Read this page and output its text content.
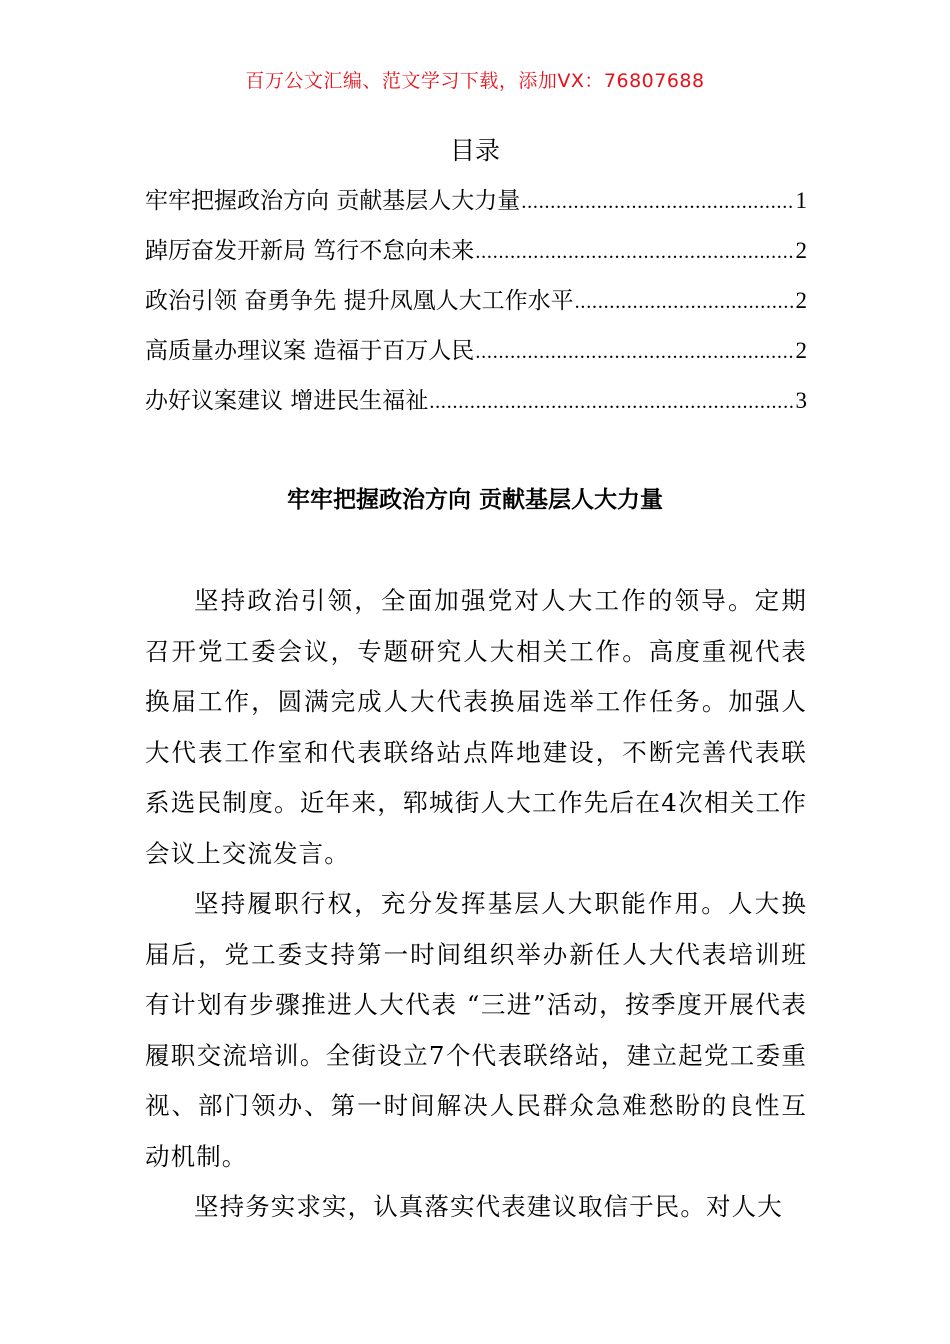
百万公文汇编、范文学习下载，添加VX：76807688
目录
牢牢把握政治方向 贡献基层人大力量 .....	1
踔厉奋发开新局 笃行不怠向未来 .....	2
政治引领 奋勇争先 提升凤凰人大工作水平 .....	2
高质量办理议案 造福于百万人民 .....	2
办好议案建议 增进民生福祉 .....	3
牢牢把握政治方向 贡献基层人大力量

坚持政治引领，全面加强党对人大工作的领导。定期召开党工委会议，专题研究人大相关工作。高度重视代表换届工作，圆满完成人大代表换届选举工作任务。加强人大代表工作室和代表联络站点阵地建设，不断完善代表联系选民制度。近年来，郓城街人大工作先后在4次相关工作会议上交流发言。

坚持履职行权，充分发挥基层人大职能作用。人大换届后，党工委支持第一时间组织举办新任人大代表培训班有计划有步骤推进人大代表 “三进”活动，按季度开展代表履职交流培训。全街设立7个代表联络站，建立起党工委重视、部门领办、第一时间解决人民群众急难愁盼的良性互动机制。

坚持务实求实，认真落实代表建议取信于民。对人大
